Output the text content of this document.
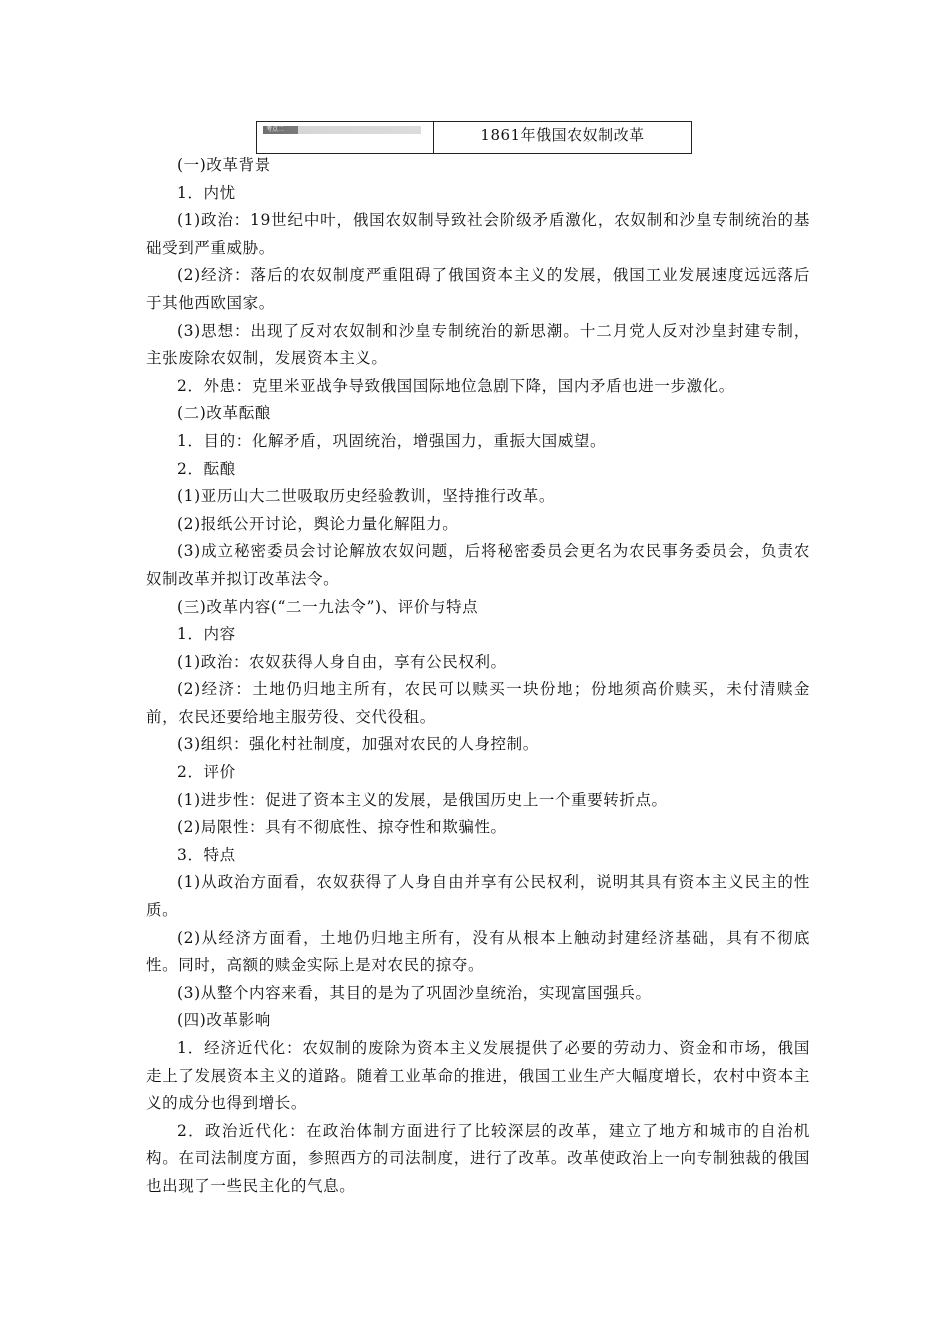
考点二	1861年俄国农奴制改革

(一)改革背景

1．内忧

(1)政治：19世纪中叶，俄国农奴制导致社会阶级矛盾激化，农奴制和沙皇专制统治的基础受到严重威胁。

(2)经济：落后的农奴制度严重阻碍了俄国资本主义的发展，俄国工业发展速度远远落后于其他西欧国家。

(3)思想：出现了反对农奴制和沙皇专制统治的新思潮。十二月党人反对沙皇封建专制，主张废除农奴制，发展资本主义。

2．外患：克里米亚战争导致俄国国际地位急剧下降，国内矛盾也进一步激化。

(二)改革酝酿

1．目的：化解矛盾，巩固统治，增强国力，重振大国威望。

2．酝酿

(1)亚历山大二世吸取历史经验教训，坚持推行改革。

(2)报纸公开讨论，舆论力量化解阻力。

(3)成立秘密委员会讨论解放农奴问题，后将秘密委员会更名为农民事务委员会，负责农奴制改革并拟订改革法令。

(三)改革内容(“二一九法令”)、评价与特点

1．内容

(1)政治：农奴获得人身自由，享有公民权利。

(2)经济：土地仍归地主所有，农民可以赎买一块份地；份地须高价赎买，未付清赎金前，农民还要给地主服劳役、交代役租。

(3)组织：强化村社制度，加强对农民的人身控制。

2．评价

(1)进步性：促进了资本主义的发展，是俄国历史上一个重要转折点。

(2)局限性：具有不彻底性、掠夺性和欺骗性。

3．特点

(1)从政治方面看，农奴获得了人身自由并享有公民权利，说明其具有资本主义民主的性质。

(2)从经济方面看，土地仍归地主所有，没有从根本上触动封建经济基础，具有不彻底性。同时，高额的赎金实际上是对农民的掠夺。

(3)从整个内容来看，其目的是为了巩固沙皇统治，实现富国强兵。

(四)改革影响

1．经济近代化：农奴制的废除为资本主义发展提供了必要的劳动力、资金和市场，俄国走上了发展资本主义的道路。随着工业革命的推进，俄国工业生产大幅度增长，农村中资本主义的成分也得到增长。

2．政治近代化：在政治体制方面进行了比较深层的改革，建立了地方和城市的自治机构。在司法制度方面，参照西方的司法制度，进行了改革。改革使政治上一向专制独裁的俄国也出现了一些民主化的气息。
